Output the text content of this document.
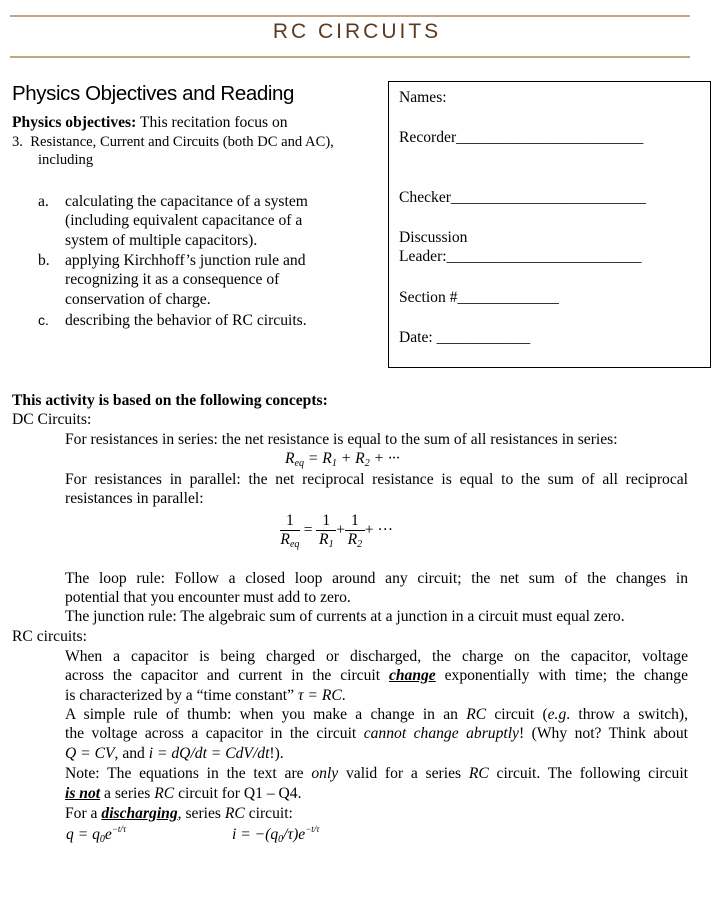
RC CIRCUITS
Physics Objectives and Reading
Physics objectives: This recitation focus on
3. Resistance, Current and Circuits (both DC and AC),
including
a. calculating the capacitance of a system
(including equivalent capacitance of a
system of multiple capacitors).
b. applying Kirchhoff’s junction rule and
recognizing it as a consequence of
conservation of charge.
c. describing the behavior of RC circuits.
Names:
Recorder________________________
Checker_________________________
Discussion
Leader:_________________________
Section #_____________
Date: ____________
This activity is based on the following concepts:
DC Circuits:
For resistances in series: the net resistance is equal to the sum of all resistances in series:
$R_{eq} = R_1 + R_2$ + ···
For resistances in parallel: the net reciprocal resistance is equal to the sum of all reciprocal
resistances in parallel:
$\frac{1}{R_{eq}} = \frac{1}{R_1} + \frac{1}{R_2}$ + ···
The loop rule: Follow a closed loop around any circuit; the net sum of the changes in
potential that you encounter must add to zero.
The junction rule: The algebraic sum of currents at a junction in a circuit must equal zero.
RC circuits:
When a capacitor is being charged or discharged, the charge on the capacitor, voltage
across the capacitor and current in the circuit change exponentially with time; the change
is characterized by a “time constant” τ = RC.
A simple rule of thumb: when you make a change in an RC circuit (e.g. throw a switch),
the voltage across a capacitor in the circuit cannot change abruptly! (Why not? Think about
Q = CV, and i = dQ/dt = CdV/dt!).
Note: The equations in the text are only valid for a series RC circuit. The following circuit
is not a series RC circuit for Q1 – Q4.
For a discharging, series RC circuit:
$q = q_0e^{-t/\tau}$	$i = -(q_0/\tau)e^{-t/\tau}$
